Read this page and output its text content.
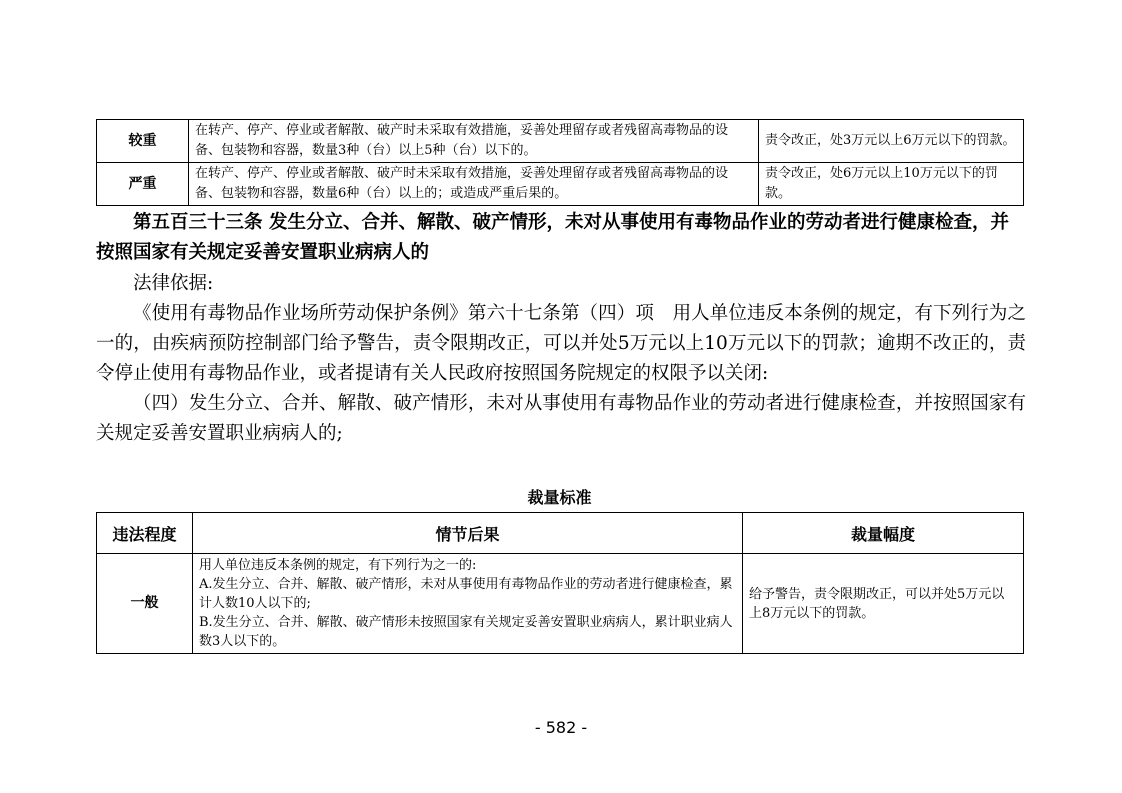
较重	在转产、停产、停业或者解散、破产时未采取有效措施，妥善处理留存或者残留高毒物品的设备、包装物和容器，数量3种（台）以上5种（台）以下的。	责令改正，处3万元以上6万元以下的罚款。
严重	在转产、停产、停业或者解散、破产时未采取有效措施，妥善处理留存或者残留高毒物品的设备、包装物和容器，数量6种（台）以上的；或造成严重后果的。	责令改正，处6万元以上10万元以下的罚款。
第五百三十三条 发生分立、合并、解散、破产情形，未对从事使用有毒物品作业的劳动者进行健康检查，并按照国家有关规定妥善安置职业病病人的

法律依据:

《使用有毒物品作业场所劳动保护条例》第六十七条第（四）项　用人单位违反本条例的规定，有下列行为之一的，由疾病预防控制部门给予警告，责令限期改正，可以并处5万元以上10万元以下的罚款；逾期不改正的，责令停止使用有毒物品作业，或者提请有关人民政府按照国务院规定的权限予以关闭:

（四）发生分立、合并、解散、破产情形，未对从事使用有毒物品作业的劳动者进行健康检查，并按照国家有关规定妥善安置职业病病人的;

裁量标准
违法程度	情节后果	裁量幅度
一般	用人单位违反本条例的规定，有下列行为之一的:
A.发生分立、合并、解散、破产情形，未对从事使用有毒物品作业的劳动者进行健康检查，累计人数10人以下的;
B.发生分立、合并、解散、破产情形未按照国家有关规定妥善安置职业病病人，累计职业病人数3人以下的。	给予警告，责令限期改正，可以并处5万元以上8万元以下的罚款。
- 582 -
